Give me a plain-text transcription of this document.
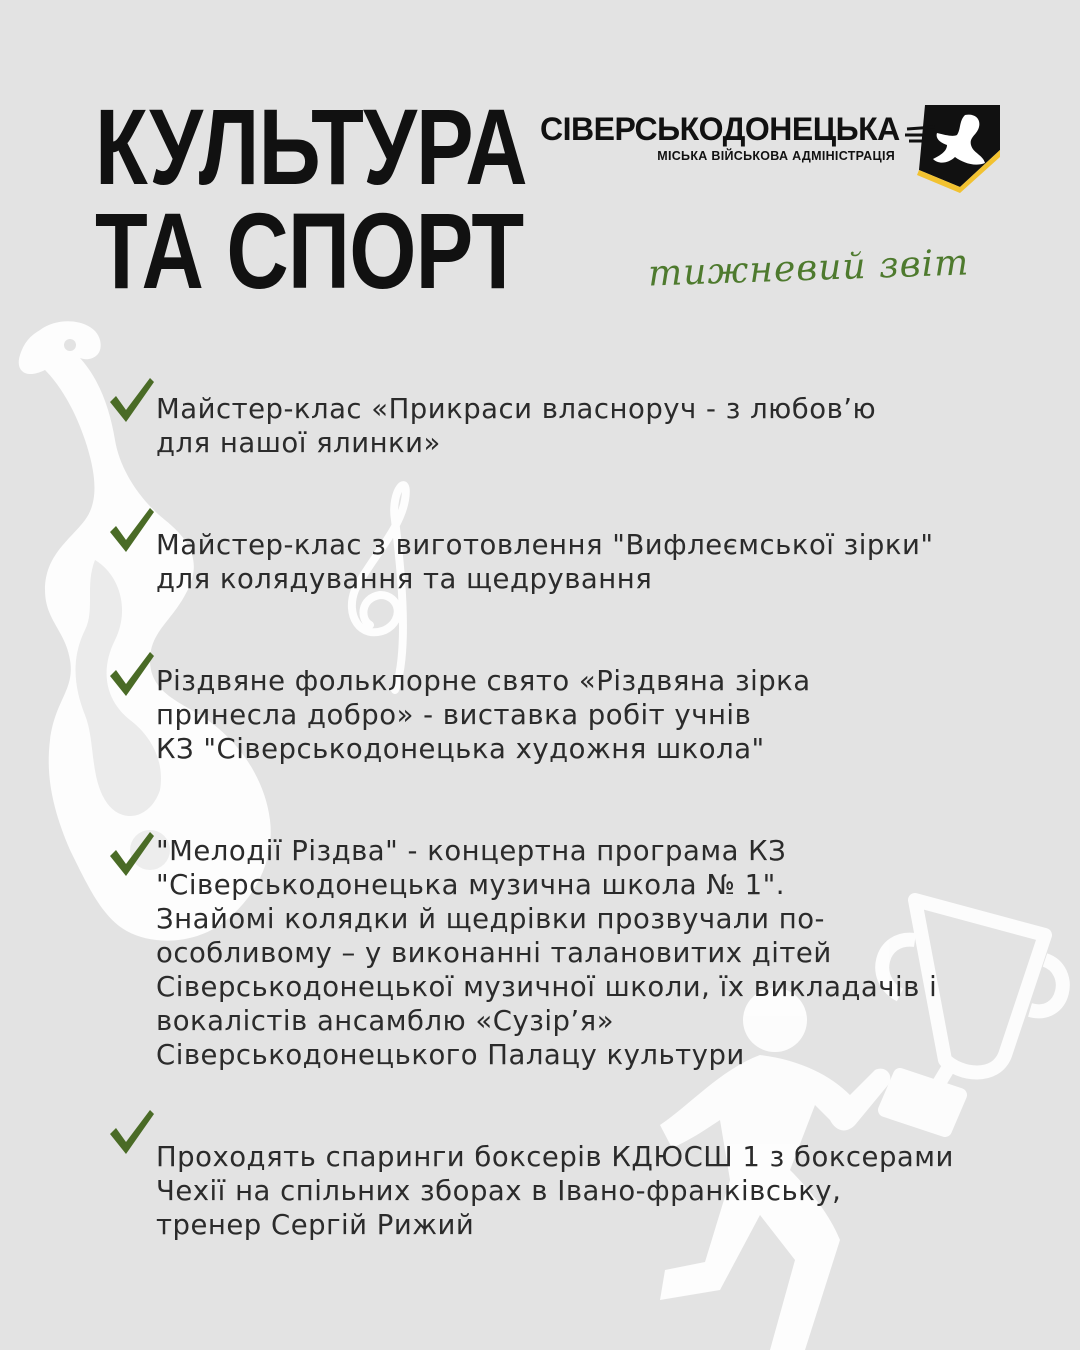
КУЛЬТУРА
ТА СПОРТ
СІВЕРСЬКОДОНЕЦЬКА
МІСЬКА ВІЙСЬКОВА АДМІНІСТРАЦІЯ
тижневий звіт

Майстер-клас «Прикраси власноруч - з любов’ю
для нашої ялинки»

Майстер-клас з виготовлення "Вифлеємської зірки"
для колядування та щедрування

Різдвяне фольклорне свято «Різдвяна зірка
принесла добро» - виставка робіт учнів
КЗ "Сіверськодонецька художня школа"

"Мелодії Різдва" - концертна програма КЗ
"Сіверськодонецька музична школа № 1".
Знайомі колядки й щедрівки прозвучали по-
особливому – у виконанні талановитих дітей
Сіверськодонецької музичної школи, їх викладачів і
вокалістів ансамблю «Сузір’я»
Сіверськодонецького Палацу культури

Проходять спаринги боксерів КДЮСШ 1 з боксерами
Чехії на спільних зборах в Івано-франківську,
тренер Сергій Рижий
